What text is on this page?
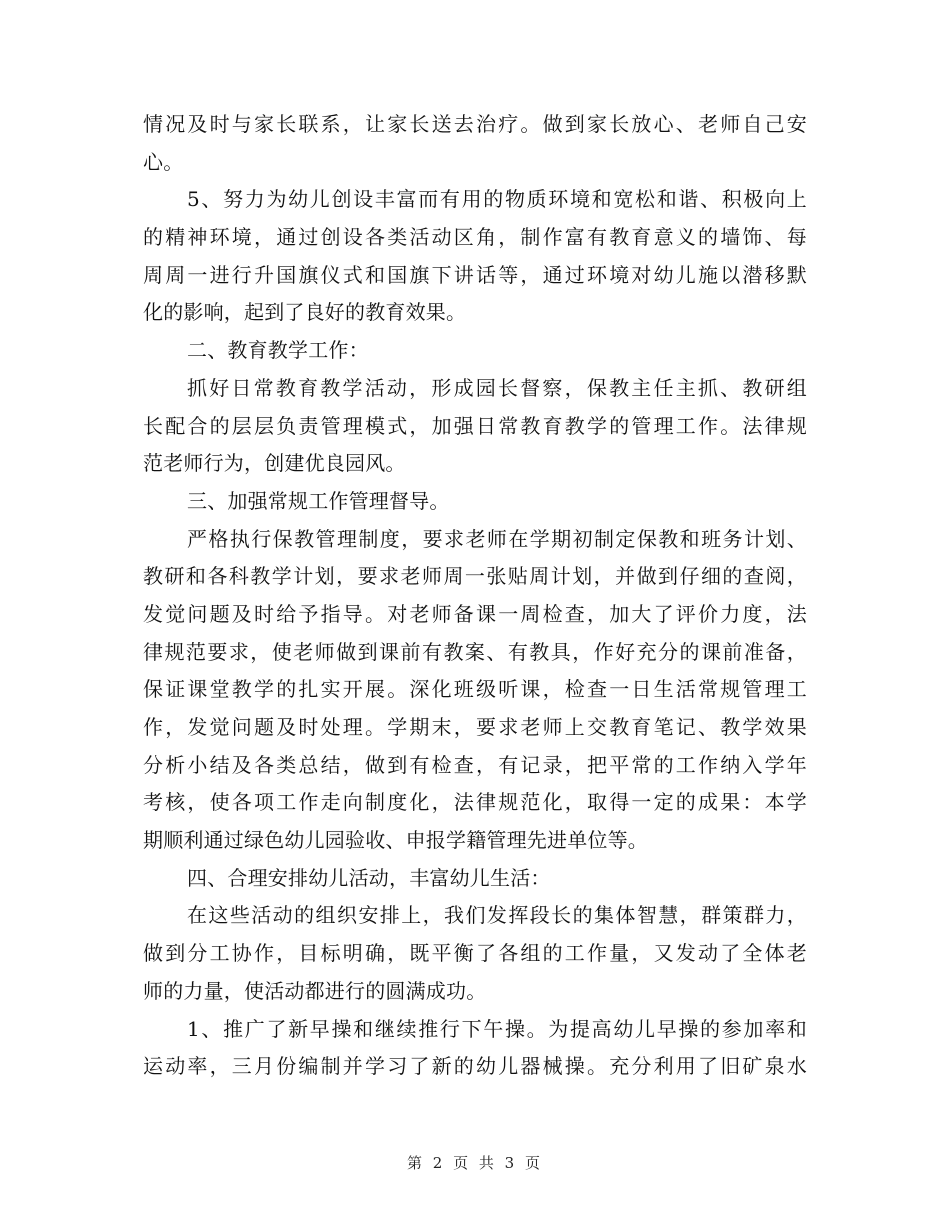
情况及时与家长联系，让家长送去治疗。做到家长放心、老师自己安
心。
5、努力为幼儿创设丰富而有用的物质环境和宽松和谐、积极向上
的精神环境，通过创设各类活动区角，制作富有教育意义的墙饰、每
周周一进行升国旗仪式和国旗下讲话等，通过环境对幼儿施以潜移默
化的影响，起到了良好的教育效果。
二、教育教学工作：
抓好日常教育教学活动，形成园长督察，保教主任主抓、教研组
长配合的层层负责管理模式，加强日常教育教学的管理工作。法律规
范老师行为，创建优良园风。
三、加强常规工作管理督导。
严格执行保教管理制度，要求老师在学期初制定保教和班务计划、
教研和各科教学计划，要求老师周一张贴周计划，并做到仔细的查阅，
发觉问题及时给予指导。对老师备课一周检查，加大了评价力度，法
律规范要求，使老师做到课前有教案、有教具，作好充分的课前准备，
保证课堂教学的扎实开展。深化班级听课，检查一日生活常规管理工
作，发觉问题及时处理。学期末，要求老师上交教育笔记、教学效果
分析小结及各类总结，做到有检查，有记录，把平常的工作纳入学年
考核，使各项工作走向制度化，法律规范化，取得一定的成果：本学
期顺利通过绿色幼儿园验收、申报学籍管理先进单位等。
四、合理安排幼儿活动，丰富幼儿生活：
在这些活动的组织安排上，我们发挥段长的集体智慧，群策群力，
做到分工协作，目标明确，既平衡了各组的工作量，又发动了全体老
师的力量，使活动都进行的圆满成功。
1、推广了新早操和继续推行下午操。为提高幼儿早操的参加率和
运动率，三月份编制并学习了新的幼儿器械操。充分利用了旧矿泉水
第 2 页 共 3 页
